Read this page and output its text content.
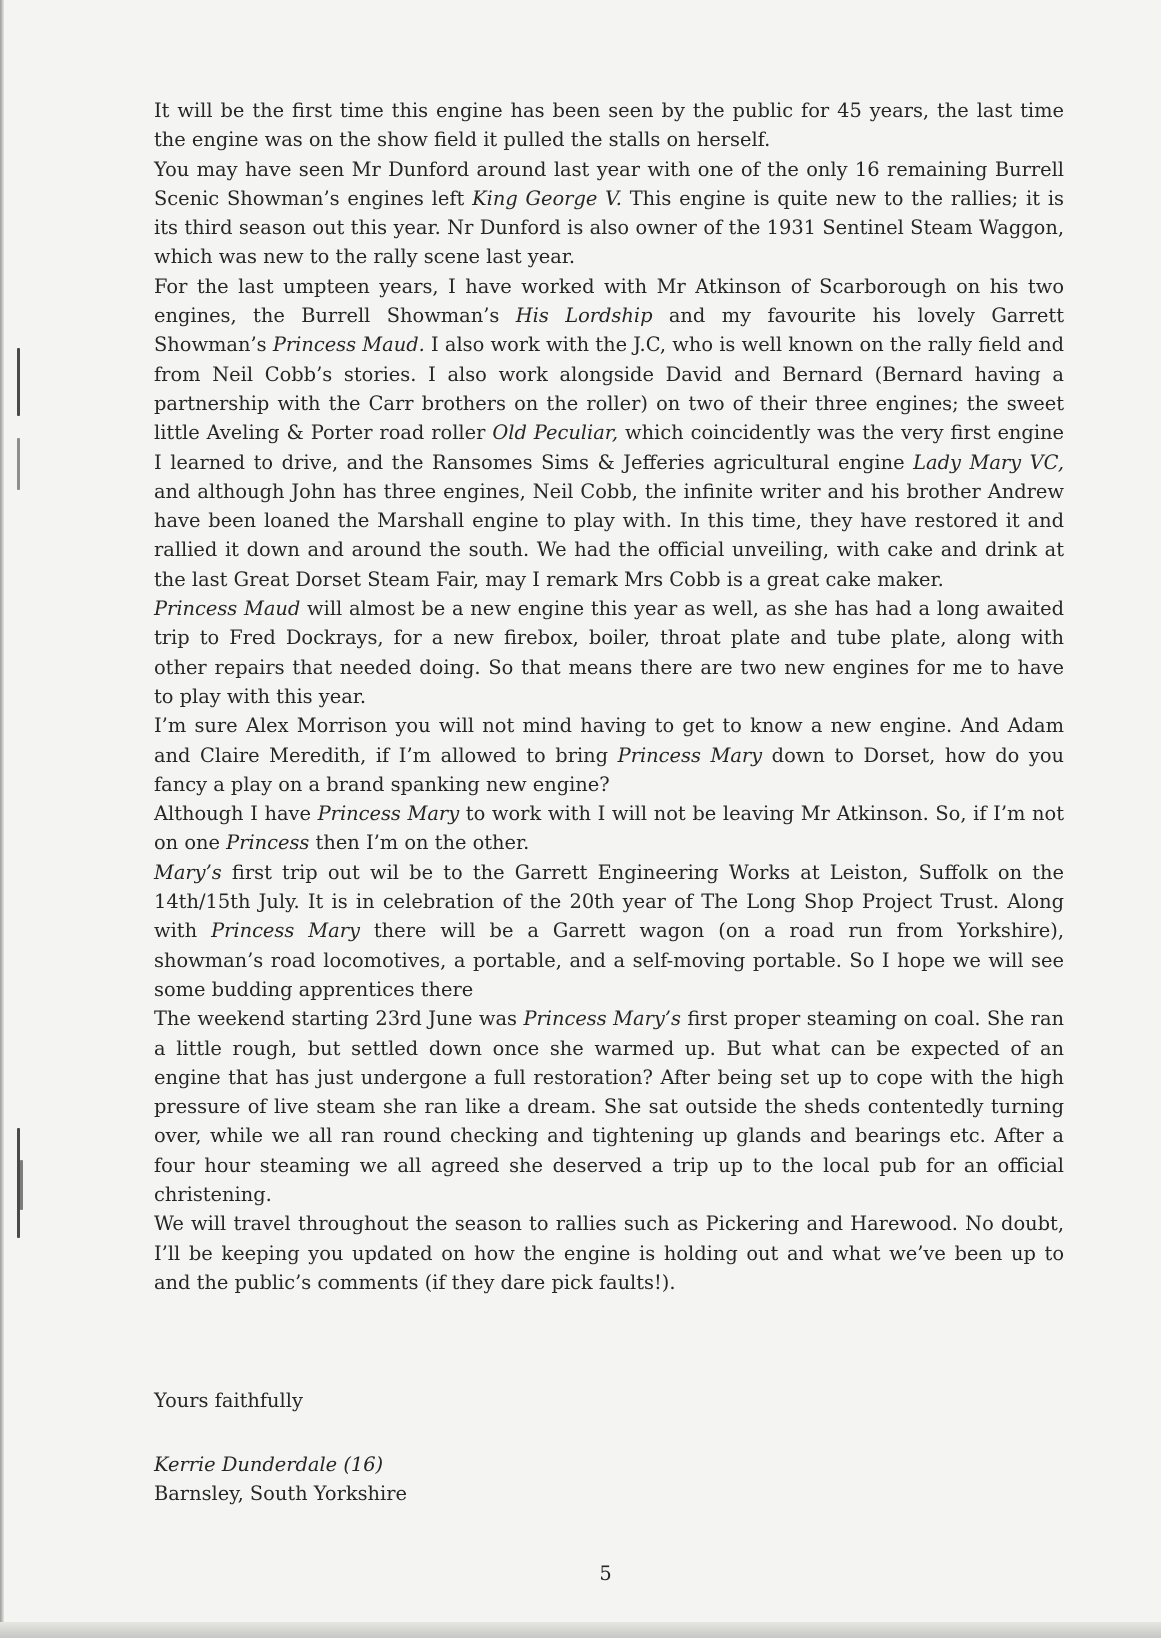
It will be the first time this engine has been seen by the public for 45 years, the last time the engine was on the show field it pulled the stalls on herself.

You may have seen Mr Dunford around last year with one of the only 16 remaining Burrell Scenic Showman’s engines left King George V. This engine is quite new to the rallies; it is its third season out this year. Nr Dunford is also owner of the 1931 Sentinel Steam Waggon, which was new to the rally scene last year.

For the last umpteen years, I have worked with Mr Atkinson of Scarborough on his two engines, the Burrell Showman’s His Lordship and my favourite his lovely Garrett Showman’s Princess Maud. I also work with the J.C, who is well known on the rally field and from Neil Cobb’s stories. I also work alongside David and Bernard (Bernard having a partnership with the Carr brothers on the roller) on two of their three engines; the sweet little Aveling & Porter road roller Old Peculiar, which coincidently was the very first engine I learned to drive, and the Ransomes Sims & Jefferies agricultural engine Lady Mary VC, and although John has three engines, Neil Cobb, the infinite writer and his brother Andrew have been loaned the Marshall engine to play with. In this time, they have restored it and rallied it down and around the south. We had the official unveiling, with cake and drink at the last Great Dorset Steam Fair, may I remark Mrs Cobb is a great cake maker.

Princess Maud will almost be a new engine this year as well, as she has had a long awaited trip to Fred Dockrays, for a new firebox, boiler, throat plate and tube plate, along with other repairs that needed doing. So that means there are two new engines for me to have to play with this year.

I’m sure Alex Morrison you will not mind having to get to know a new engine. And Adam and Claire Meredith, if I’m allowed to bring Princess Mary down to Dorset, how do you fancy a play on a brand spanking new engine?

Although I have Princess Mary to work with I will not be leaving Mr Atkinson. So, if I’m not on one Princess then I’m on the other.

Mary’s first trip out wil be to the Garrett Engineering Works at Leiston, Suffolk on the 14th/15th July. It is in celebration of the 20th year of The Long Shop Project Trust. Along with Princess Mary there will be a Garrett wagon (on a road run from Yorkshire), showman’s road locomotives, a portable, and a self-moving portable. So I hope we will see some budding apprentices there

The weekend starting 23rd June was Princess Mary’s first proper steaming on coal. She ran a little rough, but settled down once she warmed up. But what can be expected of an engine that has just undergone a full restoration? After being set up to cope with the high pressure of live steam she ran like a dream. She sat outside the sheds contentedly turning over, while we all ran round checking and tightening up glands and bearings etc. After a four hour steaming we all agreed she deserved a trip up to the local pub for an official christening.

We will travel throughout the season to rallies such as Pickering and Harewood. No doubt, I’ll be keeping you updated on how the engine is holding out and what we’ve been up to and the public’s comments (if they dare pick faults!).

Yours faithfully
Kerrie Dunderdale (16)
Barnsley, South Yorkshire
5
